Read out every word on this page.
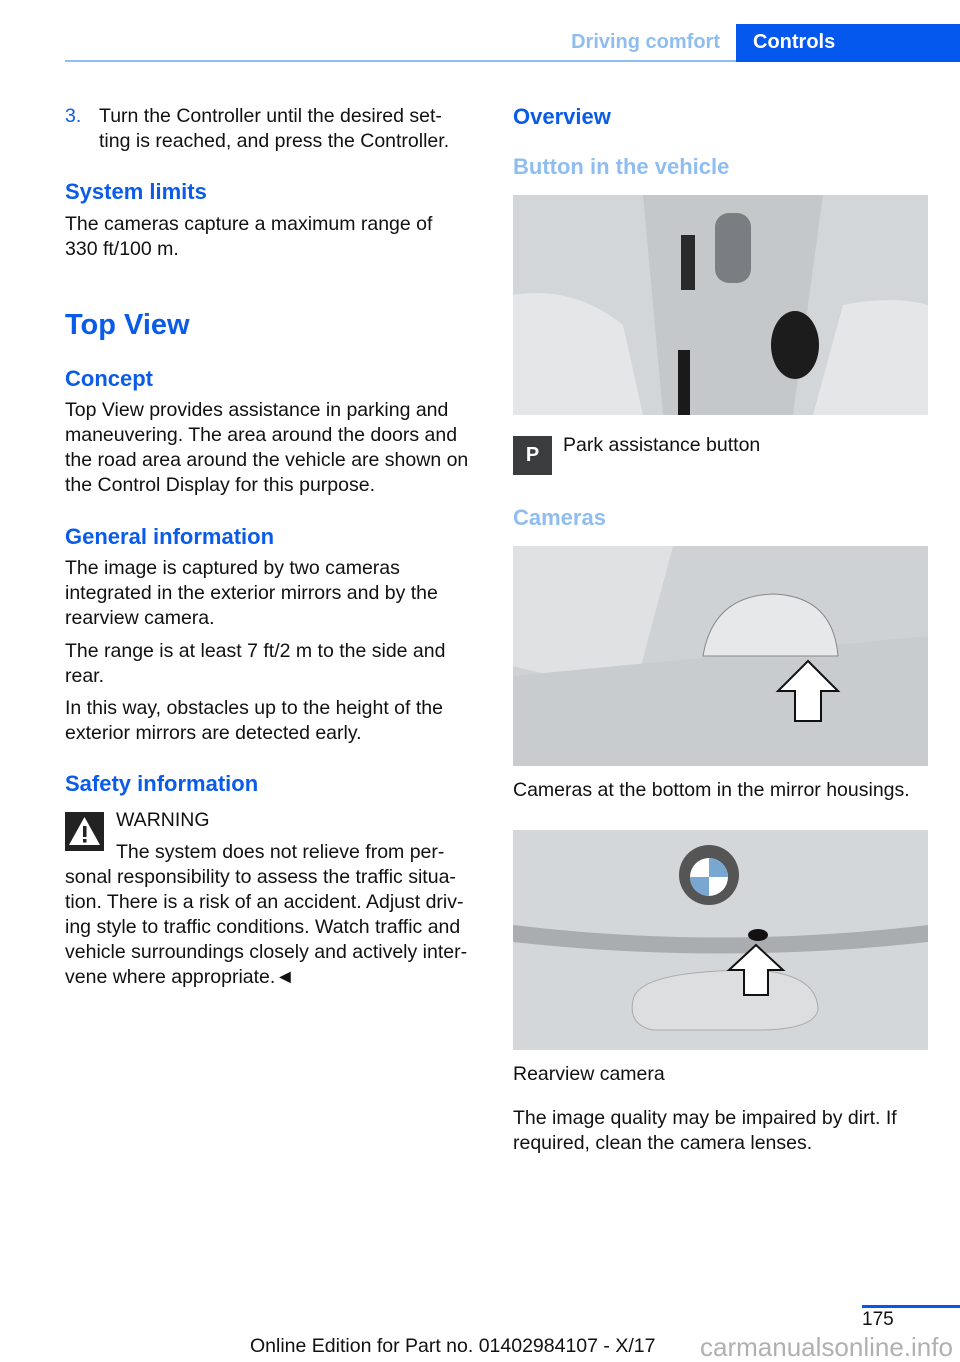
Driving comfort	Controls
3. Turn the Controller until the desired set‐
ting is reached, and press the Controller.
System limits

The cameras capture a maximum range of 330 ft/100 m.

Top View
Concept

Top View provides assistance in parking and maneuvering. The area around the doors and the road area around the vehicle are shown on the Control Display for this purpose.

General information

The image is captured by two cameras integrated in the exterior mirrors and by the rearview camera.

The range is at least 7 ft/2 m to the side and rear.

In this way, obstacles up to the height of the exterior mirrors are detected early.

Safety information
WARNING
The system does not relieve from per‐

sonal responsibility to assess the traffic situa‐tion. There is a risk of an accident. Adjust driv‐ing style to traffic conditions. Watch traffic and vehicle surroundings closely and actively inter‐vene where appropriate.◄

Overview
Button in the vehicle
P	Park assistance button
Cameras
Cameras at the bottom in the mirror housings.
Rearview camera

The image quality may be impaired by dirt. If required, clean the camera lenses.

175
Online Edition for Part no. 01402984107 - X/17 carmanualsonline.info
